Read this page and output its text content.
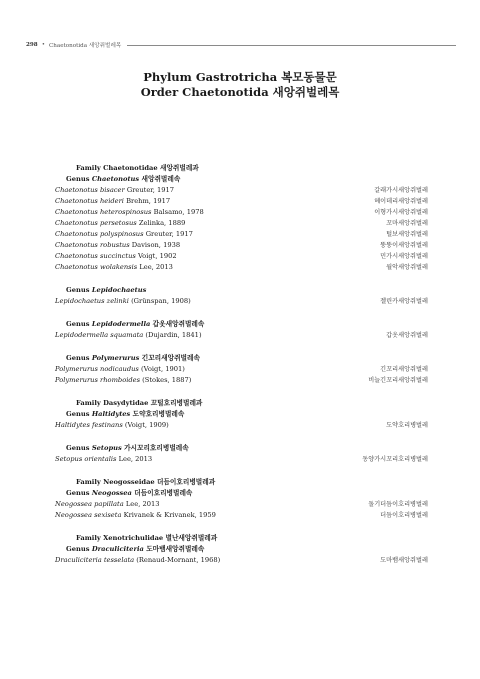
298 • Chaetonotida 새앙쥐벌레목
Phylum Gastrotricha 복모동물문
Order Chaetonotida 새앙쥐벌레목
Family Chaetonotidae 새앙쥐벌레과
Genus Chaetonotus 새앙쥐벌레속
Chaetonotus bisacer Greuter, 1917	갈래가시새앙쥐벌레
Chaetonotus heideri Brehm, 1917	헤이데리새앙쥐벌레
Chaetonotus heterospinosus Balsamo, 1978	이형가시새앙쥐벌레
Chaetonotus persetosus Zelinka, 1889	꼬마새앙쥐벌레
Chaetonotus polyspinosus Greuter, 1917	털보새앙쥐벌레
Chaetonotus robustus Davison, 1938	뚱뚱이새앙쥐벌레
Chaetonotus succinctus Voigt, 1902	민가시새앙쥐벌레
Chaetonotus wolakensis Lee, 2013	월악새앙쥐벌레
Genus Lepidochaetus
Lepidochaetus zelinki (Grünspan, 1908)	젤린카새앙쥐벌레
Genus Lepidodermella 갑옷새앙쥐벌레속
Lepidodermella squamata (Dujardin, 1841)	갑옷새앙쥐벌레
Genus Polymerurus 긴꼬리새앙쥐벌레속
Polymerurus nodicaudus (Voigt, 1901)	긴꼬리새앙쥐벌레
Polymerurus rhomboides (Stokes, 1887)	비늘긴꼬리새앙쥐벌레
Family Dasydytidae 꼬털호리병벌레과
Genus Haltidytes 도약호리병벌레속
Haltidytes festinans (Voigt, 1909)	도약호리병벌레
Genus Setopus 가시꼬리호리병벌레속
Setopus orientalis Lee, 2013	동양가시꼬리호리병벌레
Family Neogosseidae 더듬이호리병벌레과
Genus Neogossea 더듬이호리병벌레속
Neogossea papillata Lee, 2013	돌기더듬이호리병벌레
Neogossea sexiseta Krivanek & Krivanek, 1959	더듬이호리병벌레
Family Xenotrichulidae 별난새앙쥐벌레과
Genus Draculiciteria 도마뱀새앙쥐벌레속
Draculiciteria tesselata (Renaud-Mornant, 1968)	도마뱀새앙쥐벌레
